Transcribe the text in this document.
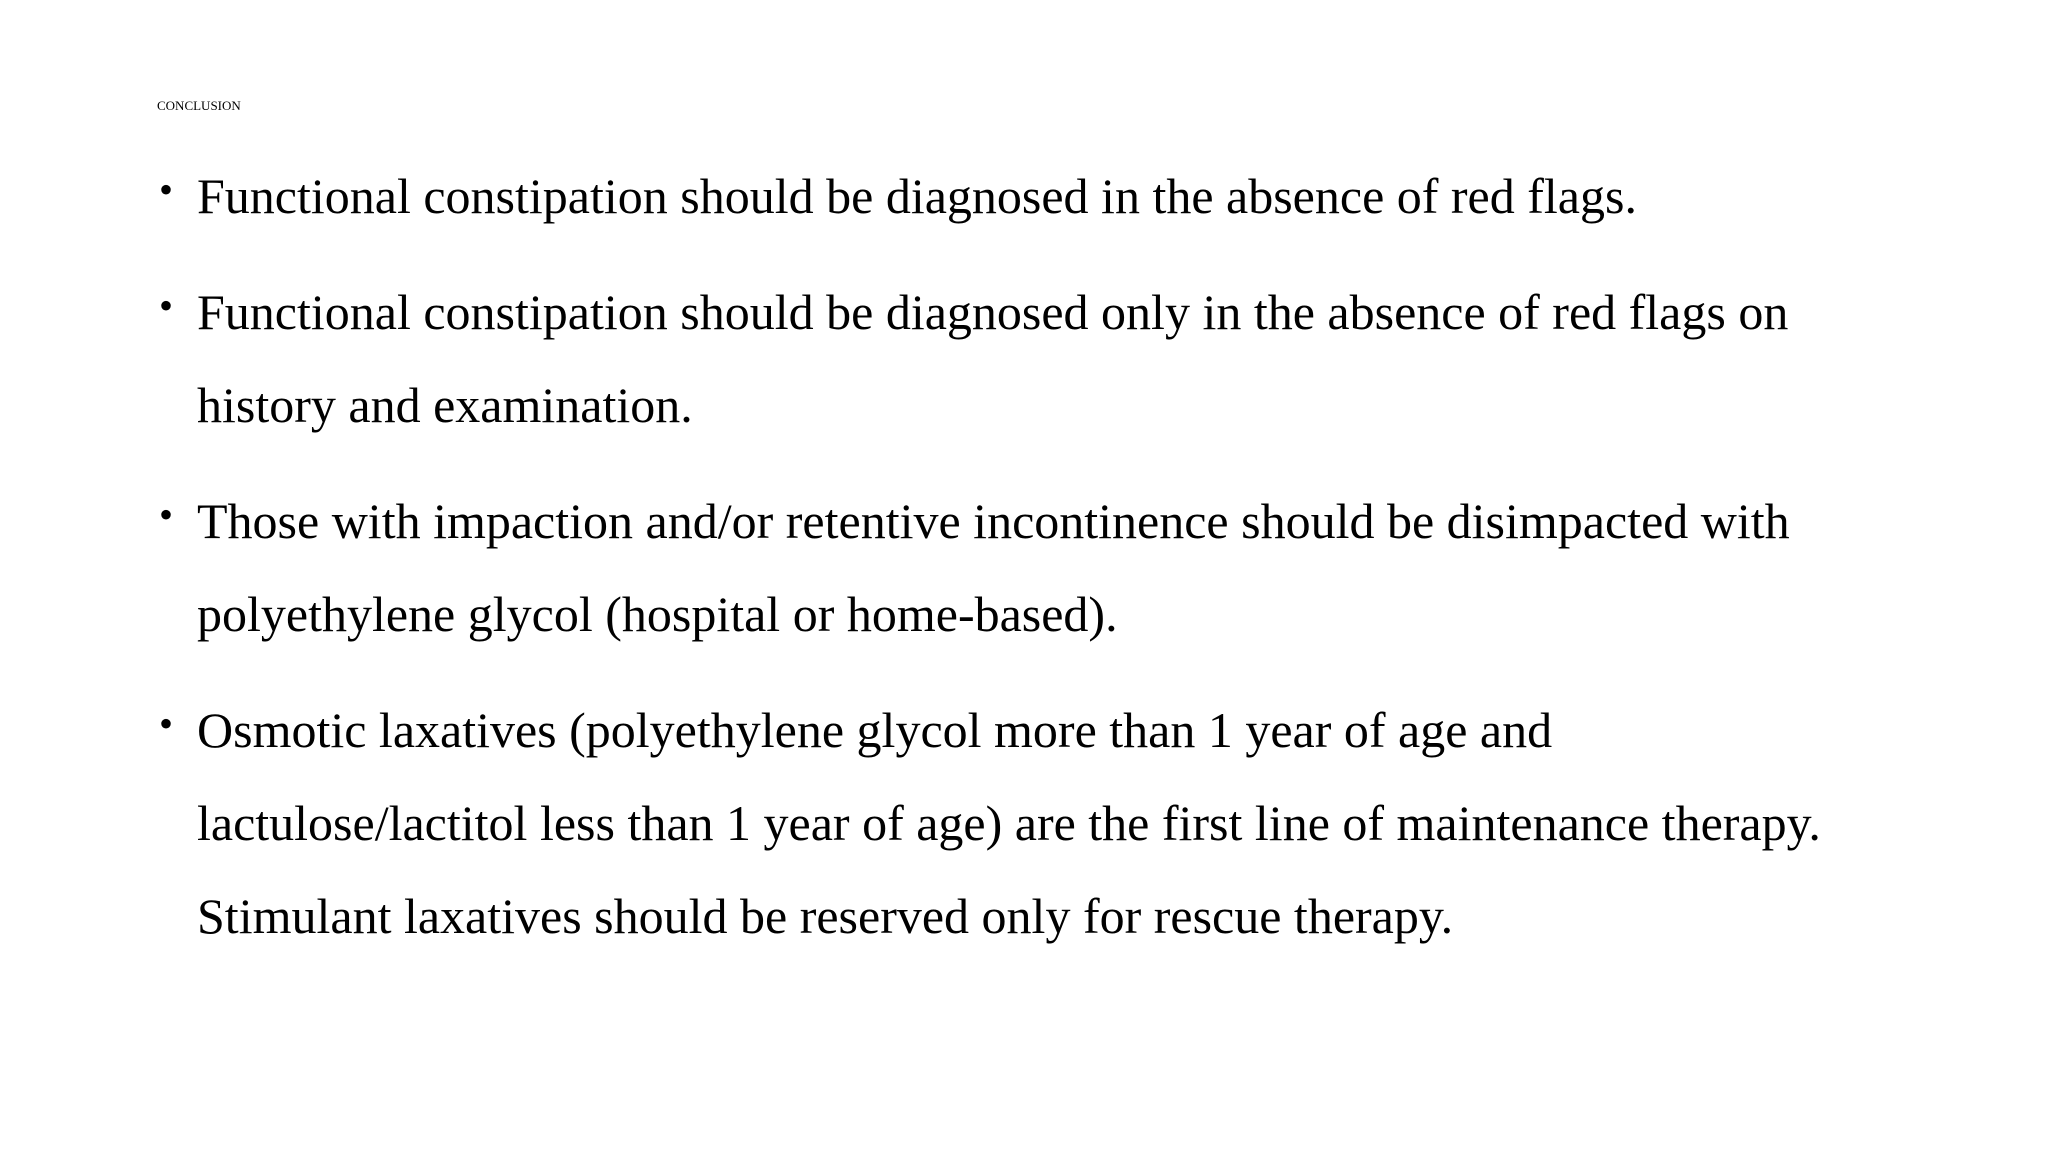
CONCLUSION
• Functional constipation should be diagnosed in the absence of red flags.
• Functional constipation should be diagnosed only in the absence of red flags on
history and examination.
• Those with impaction and/or retentive incontinence should be disimpacted with
polyethylene glycol (hospital or home-based).
• Osmotic laxatives (polyethylene glycol more than 1 year of age and
lactulose/lactitol less than 1 year of age) are the first line of maintenance therapy.
Stimulant laxatives should be reserved only for rescue therapy.
